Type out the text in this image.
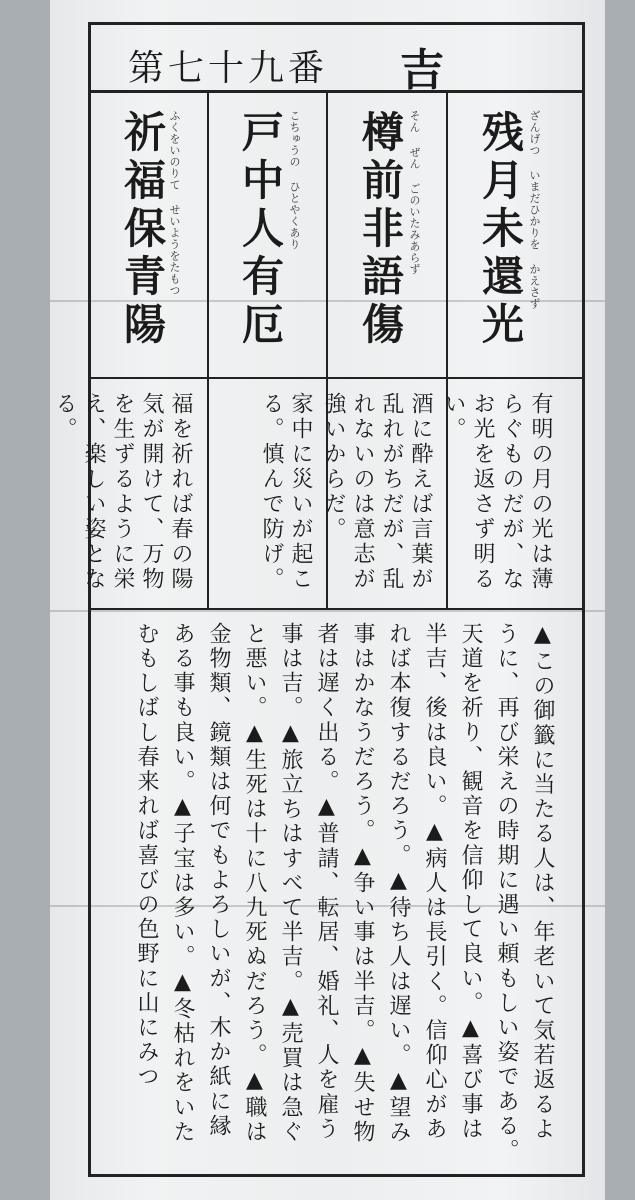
第七十九番 吉
残月未還光 ざんげつ いまだひかりを かえさず
有明の月の光は薄らぐものだが、なお光を返さず明るい。
樽前非語傷 そん ぜん ごのいたみあらず
酒に酔えば言葉が乱れがちだが、乱れないのは意志が強いからだ。
戸中人有厄 こちゅうの ひとやくあり
家中に災いが起こる。慎んで防げ。
祈福保青陽 ふくをいのりて せいようをたもつ
福を祈れば春の陽気が開けて、万物を生ずるように栄え、楽しい姿となる。
▲この御籤に当たる人は、年老いて気若返るよ
うに、再び栄えの時期に遇い頼もしい姿である。
天道を祈り、観音を信仰して良い。▲喜び事は
半吉、後は良い。▲病人は長引く。信仰心があ
れば本復するだろう。▲待ち人は遅い。▲望み
事はかなうだろう。▲争い事は半吉。▲失せ物
者は遅く出る。▲普請、転居、婚礼、人を雇う
事は吉。▲旅立ちはすべて半吉。▲売買は急ぐ
と悪い。▲生死は十に八九死ぬだろう。▲職は
金物類、鏡類は何でもよろしいが、木か紙に縁
ある事も良い。▲子宝は多い。▲冬枯れをいた
むもしばし春来れば喜びの色野に山にみつ
